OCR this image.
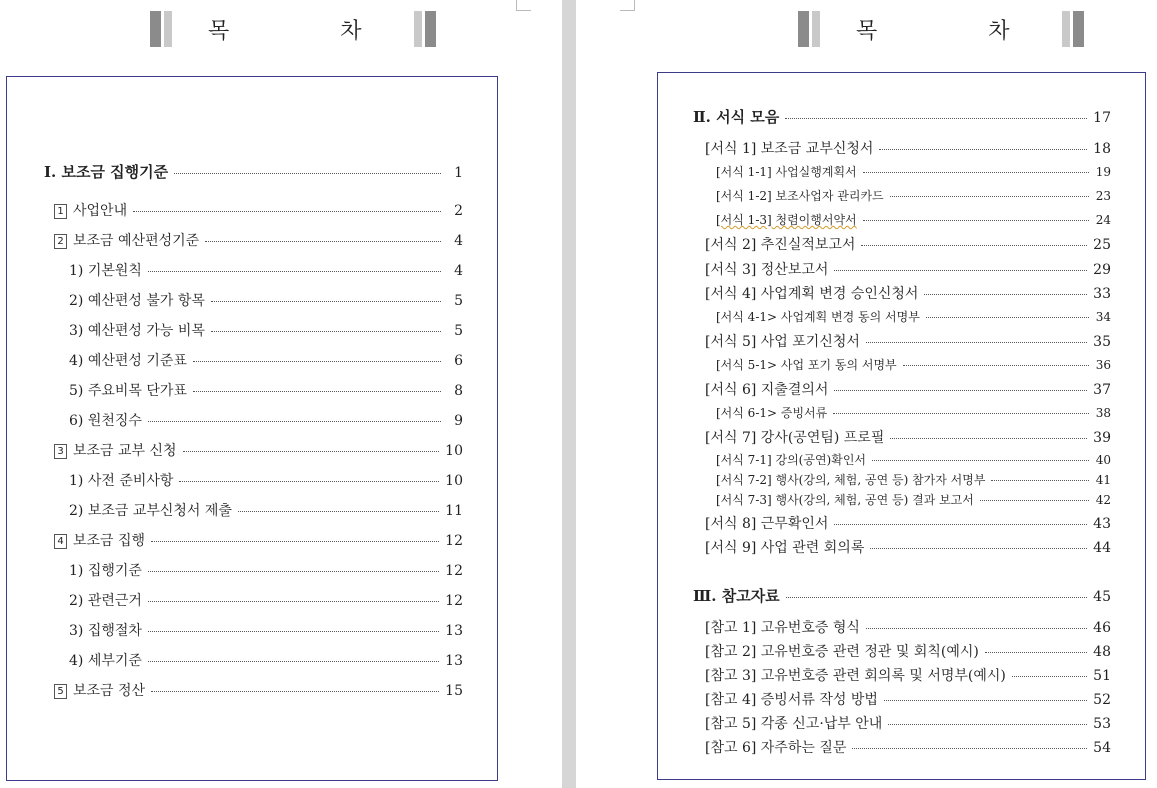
목 차
Ⅰ. 보조금 집행기준	1
1 사업안내	2
2 보조금 예산편성기준	4
1) 기본원칙	4
2) 예산편성 불가 항목	5
3) 예산편성 가능 비목	5
4) 예산편성 기준표	6
5) 주요비목 단가표	8
6) 원천징수	9
3 보조금 교부 신청	10
1) 사전 준비사항	10
2) 보조금 교부신청서 제출	11
4 보조금 집행	12
1) 집행기준	12
2) 관련근거	12
3) 집행절차	13
4) 세부기준	13
5 보조금 정산	15
목 차
Ⅱ. 서식 모음	17
[서식 1] 보조금 교부신청서	18
[서식 1-1] 사업실행계획서	19
[서식 1-2] 보조사업자 관리카드	23
[서식 1-3] 청렴이행서약서	24
[서식 2] 추진실적보고서	25
[서식 3] 정산보고서	29
[서식 4] 사업계획 변경 승인신청서	33
[서식 4-1> 사업계획 변경 동의 서명부	34
[서식 5] 사업 포기신청서	35
[서식 5-1> 사업 포기 동의 서명부	36
[서식 6] 지출결의서	37
[서식 6-1> 증빙서류	38
[서식 7] 강사(공연팀) 프로필	39
[서식 7-1] 강의(공연)확인서	40
[서식 7-2] 행사(강의, 체험, 공연 등) 참가자 서명부	41
[서식 7-3] 행사(강의, 체험, 공연 등) 결과 보고서	42
[서식 8] 근무확인서	43
[서식 9] 사업 관련 회의록	44
Ⅲ. 참고자료	45
[참고 1] 고유번호증 형식	46
[참고 2] 고유번호증 관련 정관 및 회칙(예시)	48
[참고 3] 고유번호증 관련 회의록 및 서명부(예시)	51
[참고 4] 증빙서류 작성 방법	52
[참고 5] 각종 신고·납부 안내	53
[참고 6] 자주하는 질문	54
